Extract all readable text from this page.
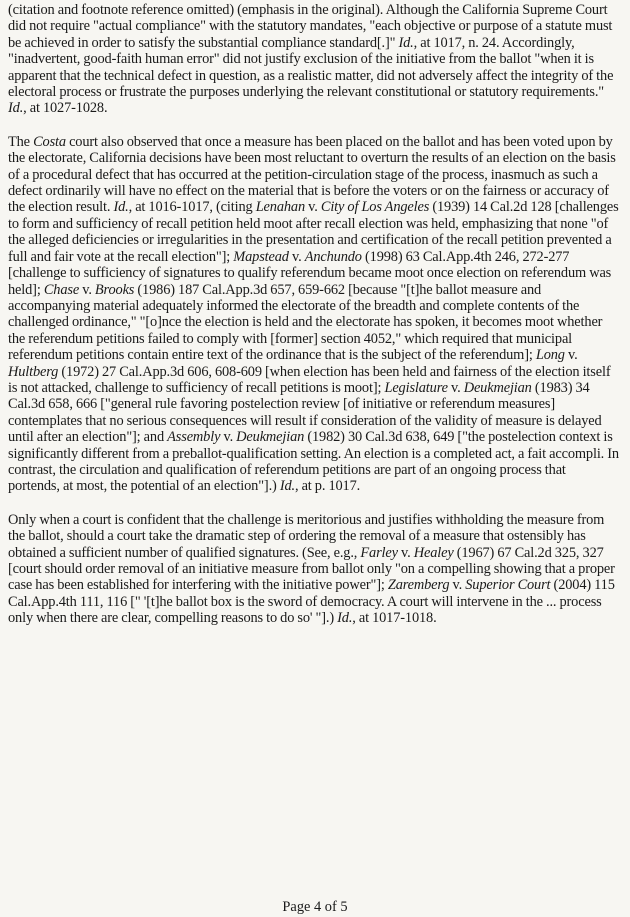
(citation and footnote reference omitted) (emphasis in the original). Although the California Supreme Court did not require "actual compliance" with the statutory mandates, "each objective or purpose of a statute must be achieved in order to satisfy the substantial compliance standard[.]" Id., at 1017, n. 24. Accordingly, "inadvertent, good-faith human error" did not justify exclusion of the initiative from the ballot "when it is apparent that the technical defect in question, as a realistic matter, did not adversely affect the integrity of the electoral process or frustrate the purposes underlying the relevant constitutional or statutory requirements." Id., at 1027-1028.

The Costa court also observed that once a measure has been placed on the ballot and has been voted upon by the electorate, California decisions have been most reluctant to overturn the results of an election on the basis of a procedural defect that has occurred at the petition-circulation stage of the process, inasmuch as such a defect ordinarily will have no effect on the material that is before the voters or on the fairness or accuracy of the election result. Id., at 1016-1017, (citing Lenahan v. City of Los Angeles (1939) 14 Cal.2d 128 [challenges to form and sufficiency of recall petition held moot after recall election was held, emphasizing that none "of the alleged deficiencies or irregularities in the presentation and certification of the recall petition prevented a full and fair vote at the recall election"]; Mapstead v. Anchundo (1998) 63 Cal.App.4th 246, 272-277 [challenge to sufficiency of signatures to qualify referendum became moot once election on referendum was held]; Chase v. Brooks (1986) 187 Cal.App.3d 657, 659-662 [because "[t]he ballot measure and accompanying material adequately informed the electorate of the breadth and complete contents of the challenged ordinance," "[o]nce the election is held and the electorate has spoken, it becomes moot whether the referendum petitions failed to comply with [former] section 4052," which required that municipal referendum petitions contain entire text of the ordinance that is the subject of the referendum]; Long v. Hultberg (1972) 27 Cal.App.3d 606, 608-609 [when election has been held and fairness of the election itself is not attacked, challenge to sufficiency of recall petitions is moot]; Legislature v. Deukmejian (1983) 34 Cal.3d 658, 666 ["general rule favoring postelection review [of initiative or referendum measures] contemplates that no serious consequences will result if consideration of the validity of measure is delayed until after an election"]; and Assembly v. Deukmejian (1982) 30 Cal.3d 638, 649 ["the postelection context is significantly different from a preballot-qualification setting. An election is a completed act, a fait accompli. In contrast, the circulation and qualification of referendum petitions are part of an ongoing process that portends, at most, the potential of an election"].) Id., at p. 1017.

Only when a court is confident that the challenge is meritorious and justifies withholding the measure from the ballot, should a court take the dramatic step of ordering the removal of a measure that ostensibly has obtained a sufficient number of qualified signatures. (See, e.g., Farley v. Healey (1967) 67 Cal.2d 325, 327 [court should order removal of an initiative measure from ballot only "on a compelling showing that a proper case has been established for interfering with the initiative power"]; Zaremberg v. Superior Court (2004) 115 Cal.App.4th 111, 116 [" '[t]he ballot box is the sword of democracy. A court will intervene in the ... process only when there are clear, compelling reasons to do so' "].) Id., at 1017-1018.

Page 4 of 5
